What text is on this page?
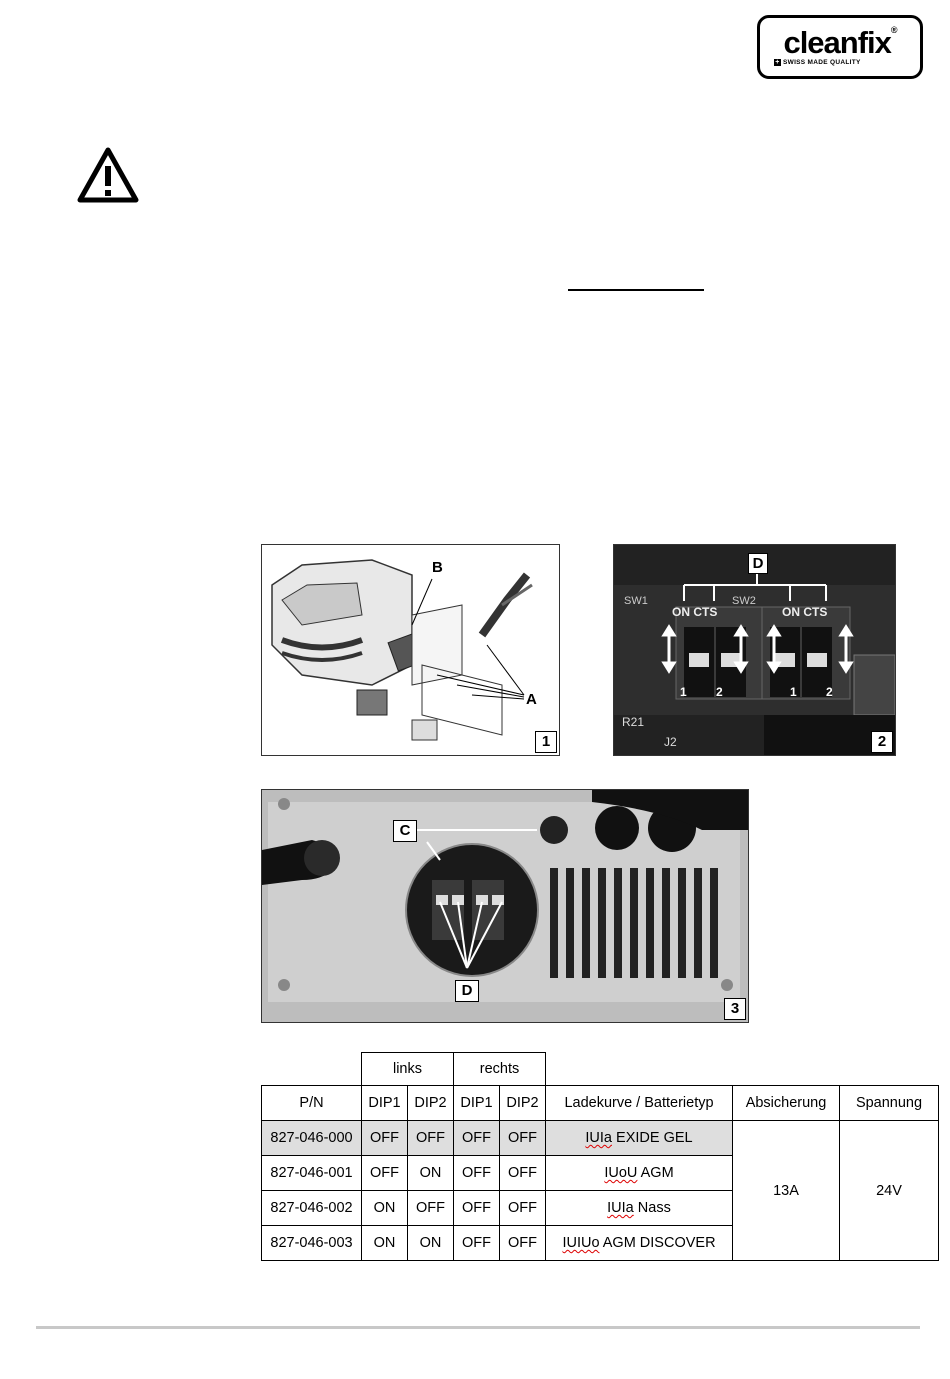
cleanfix®
+ SWISS MADE QUALITY
B
A
1
D
ON CTS	ON CTS
SW1	SW2
1 2	1 2
R21
J2	2
C
D
3
	links		rechts				
P/N	DIP1	DIP2	DIP1	DIP2	Ladekurve / Batterietyp	Absicherung	Spannung
827-046-000	OFF	OFF	OFF	OFF	IUIa EXIDE GEL	13A	24V
827-046-001	OFF	ON	OFF	OFF	IUoU AGM		
827-046-002	ON	OFF	OFF	OFF	IUIa Nass		
827-046-003	ON	ON	OFF	OFF	IUIUo AGM DISCOVER		
